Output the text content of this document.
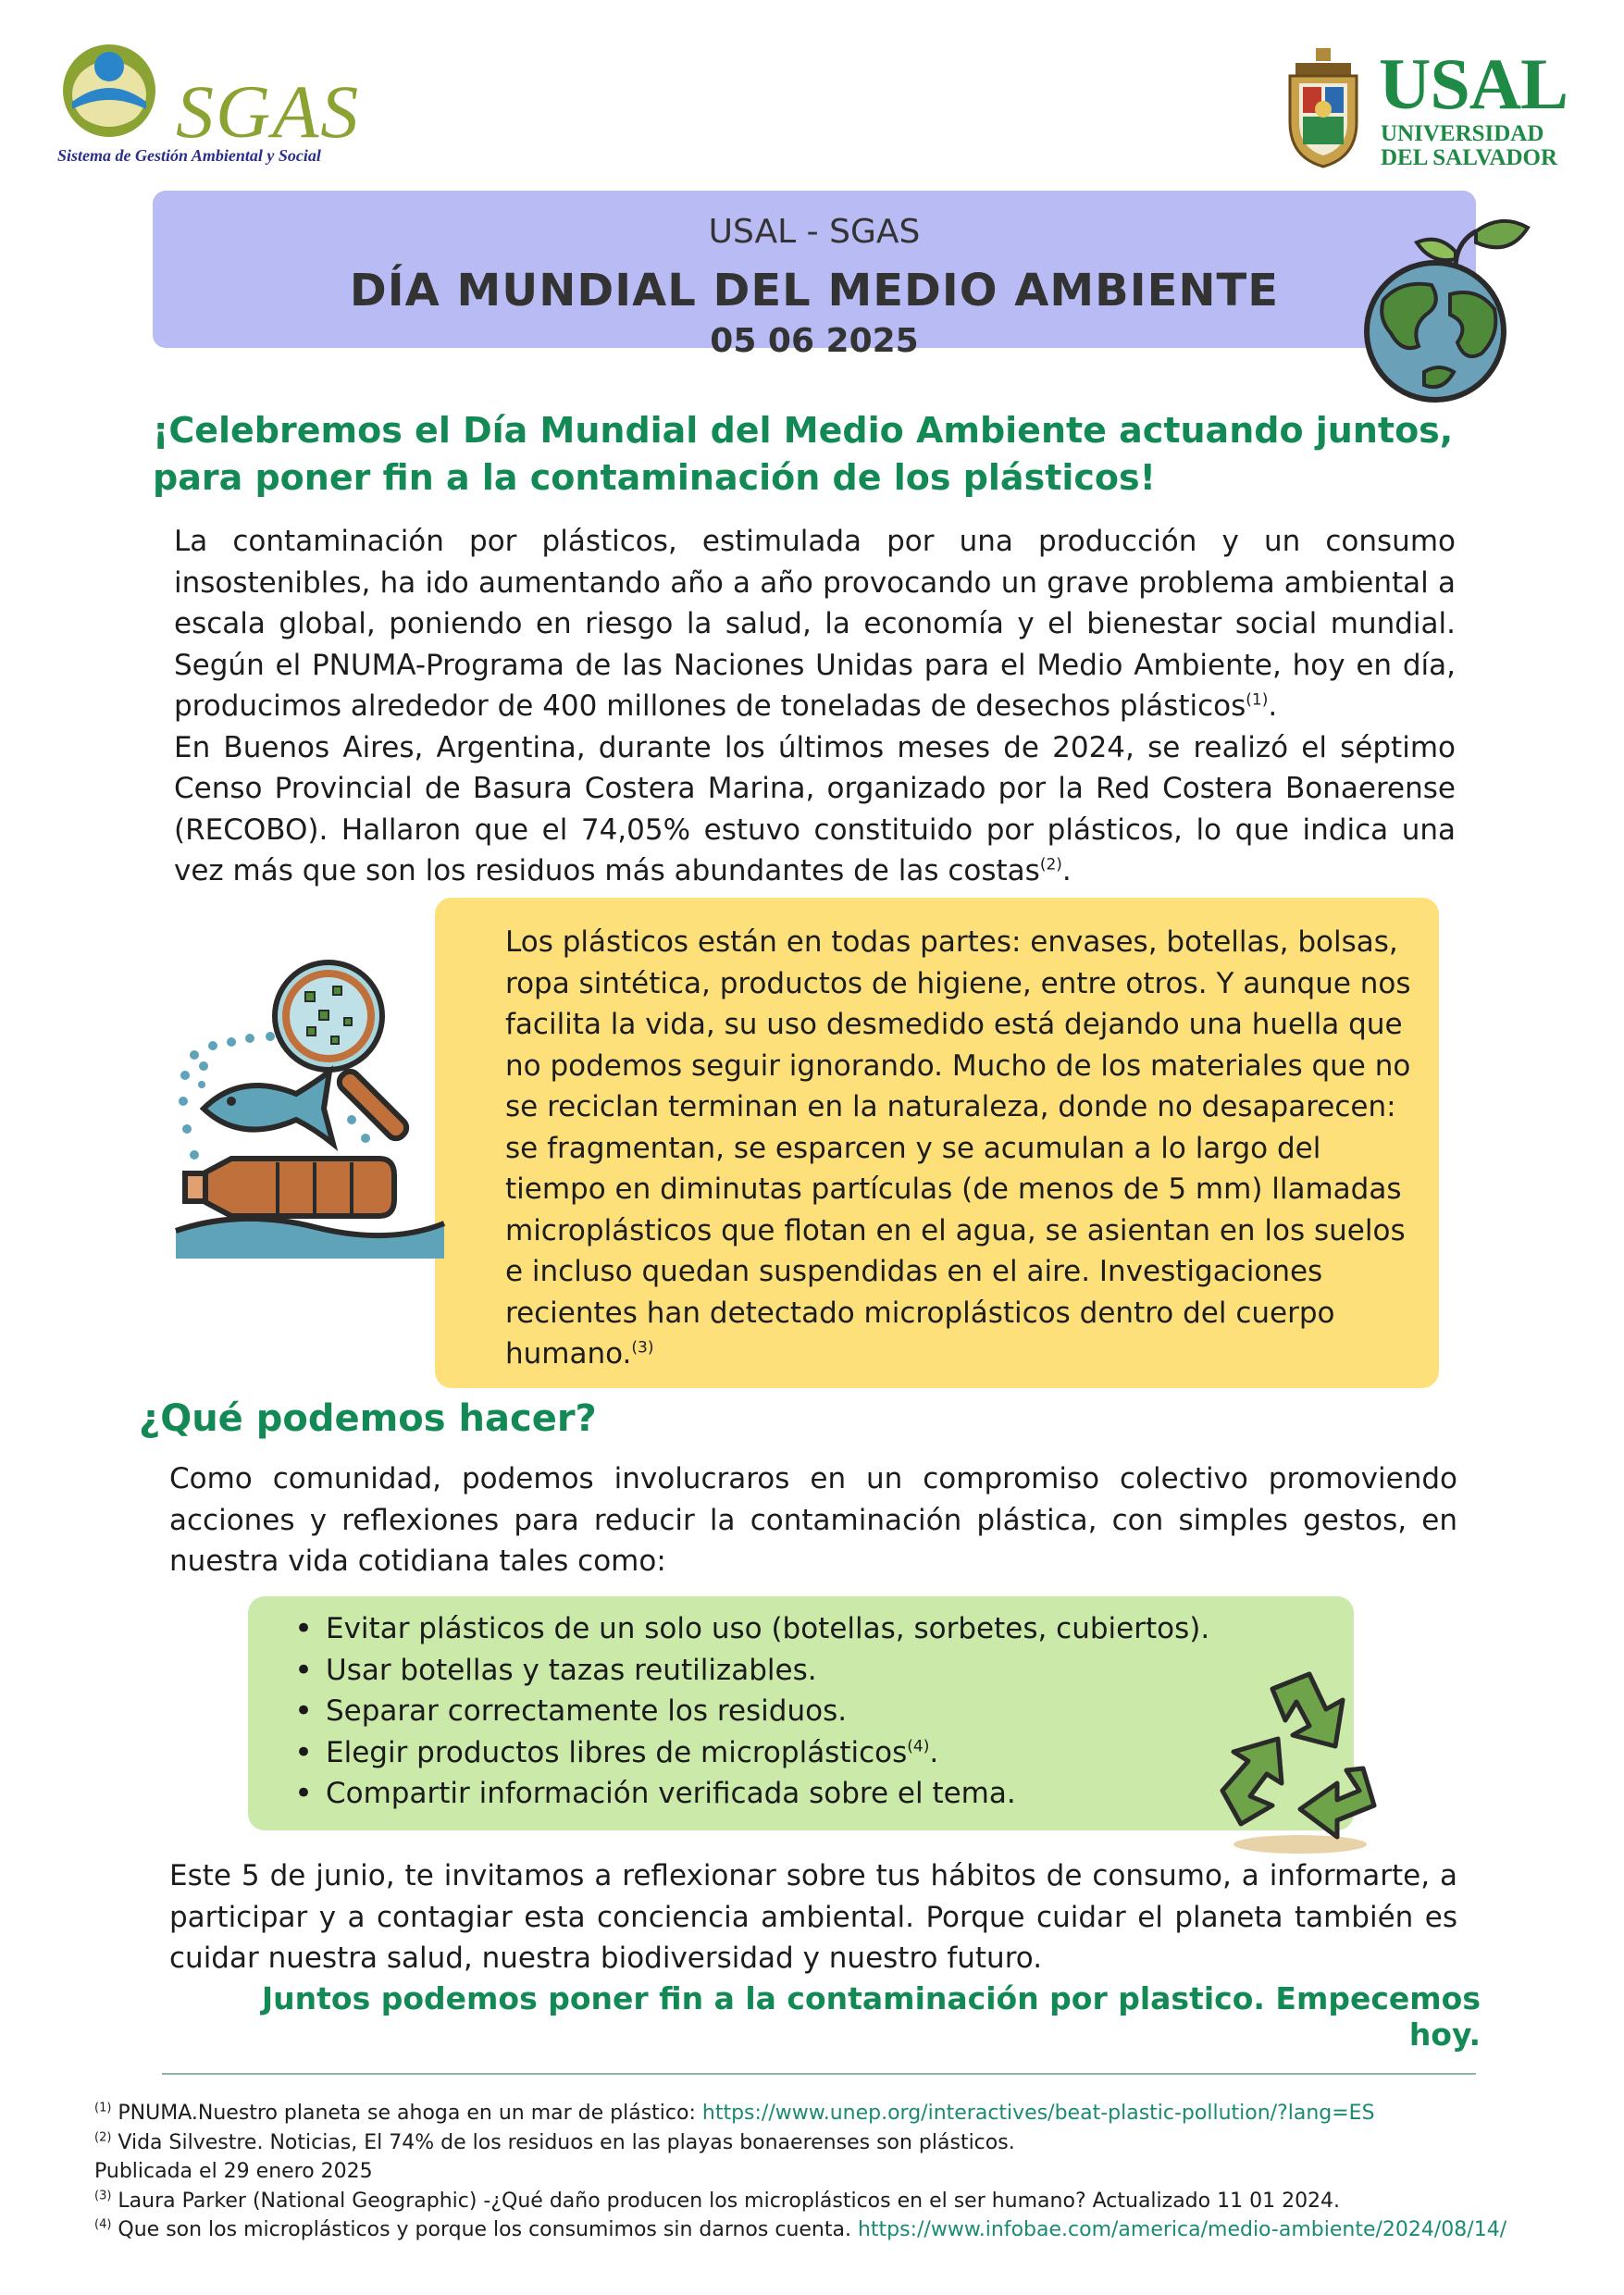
SGAS
Sistema de Gestión Ambiental y Social
USAL
UNIVERSIDAD
DEL SALVADOR
USAL - SGAS
DÍA MUNDIAL DEL MEDIO AMBIENTE
05 06 2025
¡Celebremos el Día Mundial del Medio Ambiente actuando juntos, para poner fin a la contaminación de los plásticos!

La contaminación por plásticos, estimulada por una producción y un consumo insostenibles, ha ido aumentando año a año provocando un grave problema ambiental a escala global, poniendo en riesgo la salud, la economía y el bienestar social mundial. Según el PNUMA-Programa de las Naciones Unidas para el Medio Ambiente, hoy en día, producimos alrededor de 400 millones de toneladas de desechos plásticos$^{(1)}$.

En Buenos Aires, Argentina, durante los últimos meses de 2024, se realizó el séptimo Censo Provincial de Basura Costera Marina, organizado por la Red Costera Bonaerense (RECOBO). Hallaron que el 74,05% estuvo constituido por plásticos, lo que indica una vez más que son los residuos más abundantes de las costas$^{(2)}$.

Los plásticos están en todas partes: envases, botellas, bolsas, ropa sintética, productos de higiene, entre otros. Y aunque nos facilita la vida, su uso desmedido está dejando una huella que no podemos seguir ignorando. Mucho de los materiales que no se reciclan terminan en la naturaleza, donde no desaparecen: se fragmentan, se esparcen y se acumulan a lo largo del tiempo en diminutas partículas (de menos de 5 mm) llamadas microplásticos que flotan en el agua, se asientan en los suelos e incluso quedan suspendidas en el aire. Investigaciones recientes han detectado microplásticos dentro del cuerpo humano.$^{(3)}$
¿Qué podemos hacer?
Como comunidad, podemos involucraros en un compromiso colectivo promoviendo acciones y reflexiones para reducir la contaminación plástica, con simples gestos, en nuestra vida cotidiana tales como:
• Evitar plásticos de un solo uso (botellas, sorbetes, cubiertos).
• Usar botellas y tazas reutilizables.
• Separar correctamente los residuos.
• Elegir productos libres de microplásticos$^{(4)}$.
• Compartir información verificada sobre el tema.
Este 5 de junio, te invitamos a reflexionar sobre tus hábitos de consumo, a informarte, a participar y a contagiar esta conciencia ambiental. Porque cuidar el planeta también es cuidar nuestra salud, nuestra biodiversidad y nuestro futuro.
Juntos podemos poner fin a la contaminación por plastico. Empecemos hoy.
$^{(1)}$ PNUMA.Nuestro planeta se ahoga en un mar de plástico: https://www.unep.org/interactives/beat-plastic-pollution/?lang=ES
$^{(2)}$ Vida Silvestre. Noticias, El 74% de los residuos en las playas bonaerenses son plásticos.
Publicada el 29 enero 2025
$^{(3)}$ Laura Parker (National Geographic) -¿Qué daño producen los microplásticos en el ser humano? Actualizado 11 01 2024.
$^{(4)}$ Que son los microplásticos y porque los consumimos sin darnos cuenta. https://www.infobae.com/america/medio-ambiente/2024/08/14/
